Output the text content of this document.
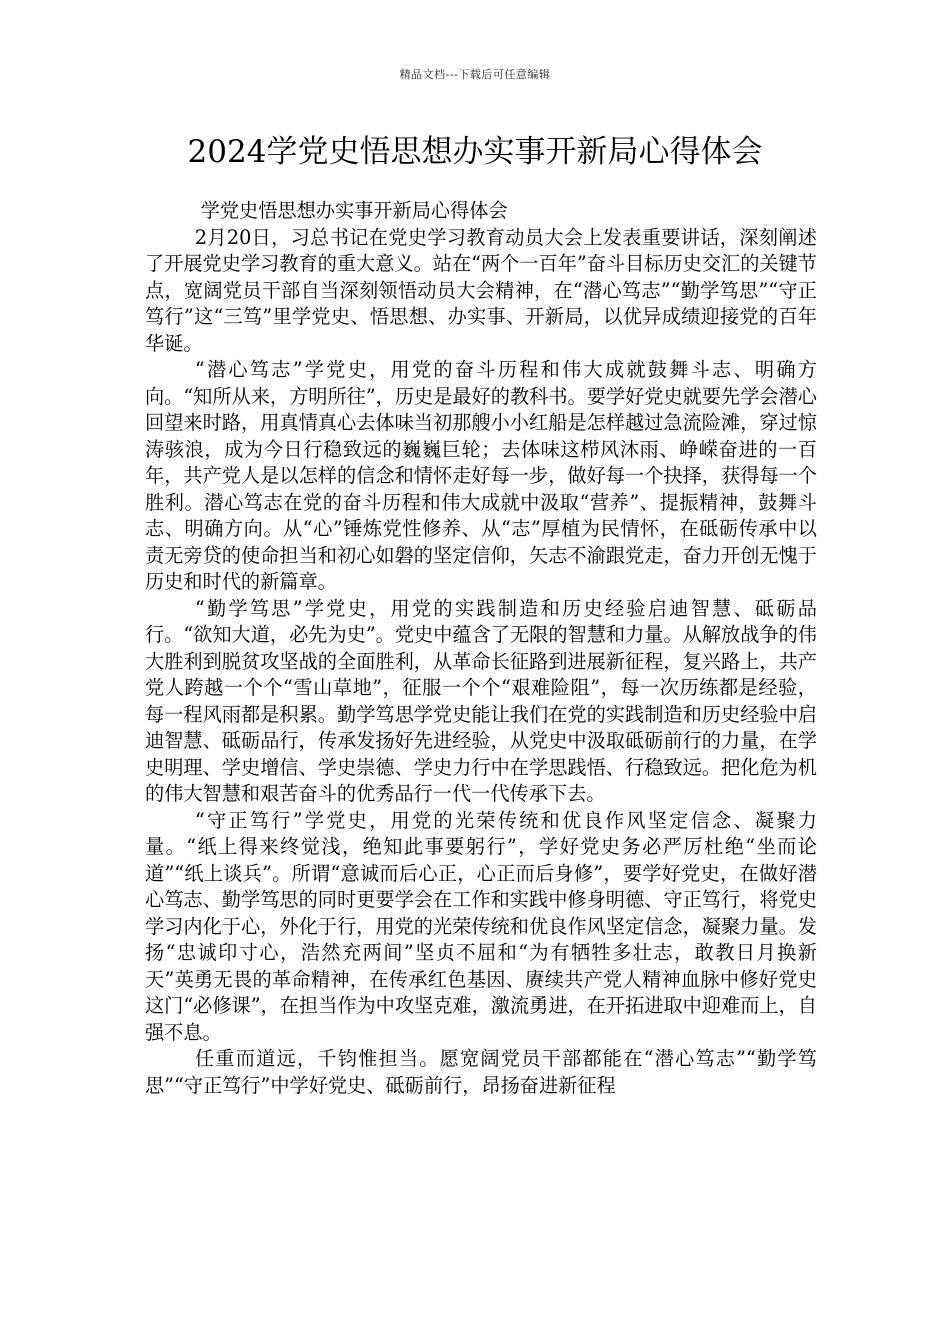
精品文档---下载后可任意编辑
2024学党史悟思想办实事开新局心得体会

学党史悟思想办实事开新局心得体会

2月20日，习总书记在党史学习教育动员大会上发表重要讲话，深刻阐述了开展党史学习教育的重大意义。站在“两个一百年”奋斗目标历史交汇的关键节点，宽阔党员干部自当深刻领悟动员大会精神，在“潜心笃志”“勤学笃思”“守正笃行”这“三笃”里学党史、悟思想、办实事、开新局，以优异成绩迎接党的百年华诞。

“潜心笃志”学党史，用党的奋斗历程和伟大成就鼓舞斗志、明确方向。“知所从来，方明所往”，历史是最好的教科书。要学好党史就要先学会潜心回望来时路，用真情真心去体味当初那艘小小红船是怎样越过急流险滩，穿过惊涛骇浪，成为今日行稳致远的巍巍巨轮；去体味这栉风沐雨、峥嵘奋进的一百年，共产党人是以怎样的信念和情怀走好每一步，做好每一个抉择，获得每一个胜利。潜心笃志在党的奋斗历程和伟大成就中汲取“营养”、提振精神，鼓舞斗志、明确方向。从“心”锤炼党性修养、从“志”厚植为民情怀，在砥砺传承中以责无旁贷的使命担当和初心如磐的坚定信仰，矢志不渝跟党走，奋力开创无愧于历史和时代的新篇章。

“勤学笃思”学党史，用党的实践制造和历史经验启迪智慧、砥砺品行。“欲知大道，必先为史”。党史中蕴含了无限的智慧和力量。从解放战争的伟大胜利到脱贫攻坚战的全面胜利，从革命长征路到进展新征程，复兴路上，共产党人跨越一个个“雪山草地”，征服一个个“艰难险阻”，每一次历练都是经验，每一程风雨都是积累。勤学笃思学党史能让我们在党的实践制造和历史经验中启迪智慧、砥砺品行，传承发扬好先进经验，从党史中汲取砥砺前行的力量，在学史明理、学史增信、学史崇德、学史力行中在学思践悟、行稳致远。把化危为机的伟大智慧和艰苦奋斗的优秀品行一代一代传承下去。

“守正笃行”学党史，用党的光荣传统和优良作风坚定信念、凝聚力量。“纸上得来终觉浅，绝知此事要躬行”，学好党史务必严厉杜绝“坐而论道”“纸上谈兵”。所谓“意诚而后心正，心正而后身修”，要学好党史，在做好潜心笃志、勤学笃思的同时更要学会在工作和实践中修身明德、守正笃行，将党史学习内化于心，外化于行，用党的光荣传统和优良作风坚定信念，凝聚力量。发扬“忠诚印寸心，浩然充两间”坚贞不屈和“为有牺牲多壮志，敢教日月换新天”英勇无畏的革命精神，在传承红色基因、赓续共产党人精神血脉中修好党史这门“必修课”，在担当作为中攻坚克难，激流勇进，在开拓进取中迎难而上，自强不息。

任重而道远，千钧惟担当。愿宽阔党员干部都能在“潜心笃志”“勤学笃思”“守正笃行”中学好党史、砥砺前行，昂扬奋进新征程
